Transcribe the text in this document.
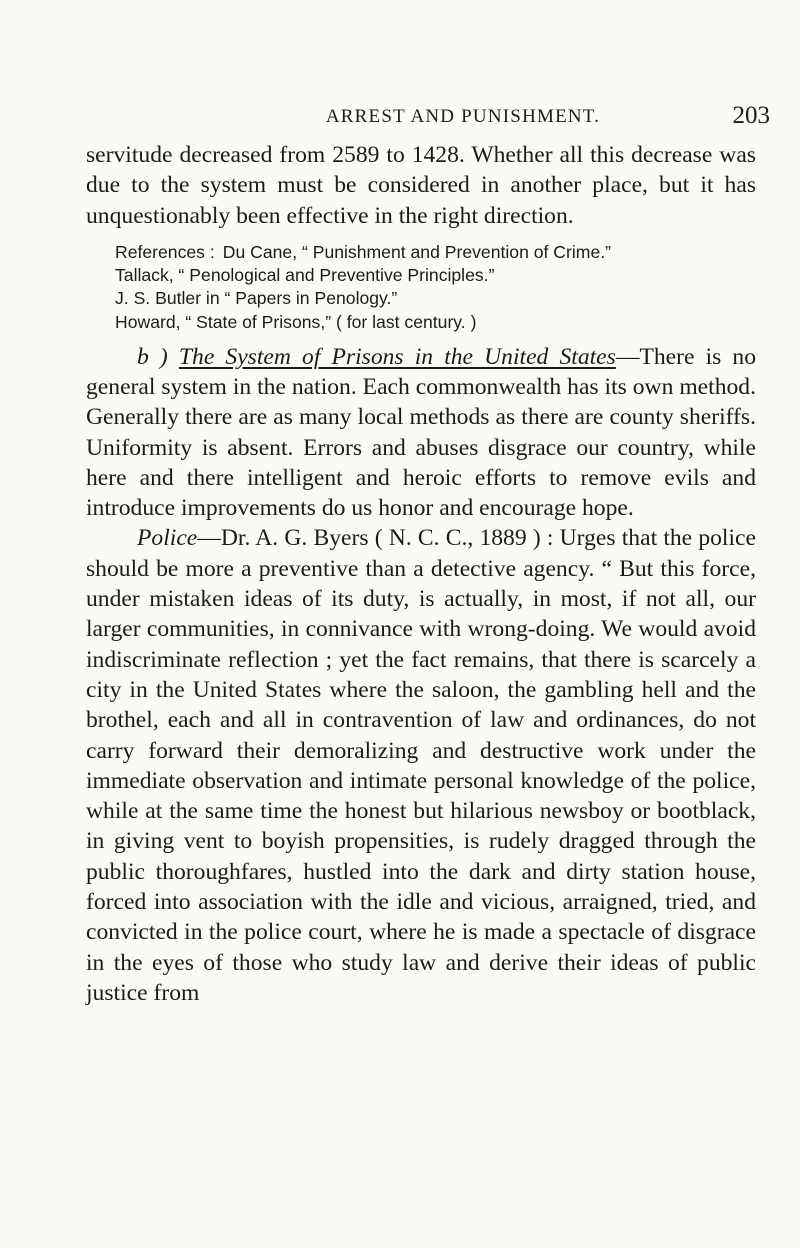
ARREST AND PUNISHMENT.	203

servitude decreased from 2589 to 1428. Whether all this decrease was due to the system must be considered in another place, but it has unquestionably been effective in the right direction.

References : Du Cane, “ Punishment and Prevention of Crime.”
Tallack, “ Penological and Preventive Principles.”
J. S. Butler in “ Papers in Penology.”
Howard, “ State of Prisons,” ( for last century. )

b ) The System of Prisons in the United States—There is no general system in the nation. Each commonwealth has its own method. Generally there are as many local methods as there are county sheriffs. Uniformity is absent. Errors and abuses disgrace our country, while here and there intelligent and heroic efforts to remove evils and introduce improvements do us honor and encourage hope.

Police—Dr. A. G. Byers ( N. C. C., 1889 ) : Urges that the police should be more a preventive than a detective agency. “ But this force, under mistaken ideas of its duty, is actually, in most, if not all, our larger communities, in connivance with wrong-doing. We would avoid indiscriminate reflection ; yet the fact remains, that there is scarcely a city in the United States where the saloon, the gambling hell and the brothel, each and all in contravention of law and ordinances, do not carry forward their demoralizing and destructive work under the immediate observation and intimate personal knowledge of the police, while at the same time the honest but hilarious newsboy or bootblack, in giving vent to boyish propensities, is rudely dragged through the public thoroughfares, hustled into the dark and dirty station house, forced into association with the idle and vicious, arraigned, tried, and convicted in the police court, where he is made a spectacle of disgrace in the eyes of those who study law and derive their ideas of public justice from
